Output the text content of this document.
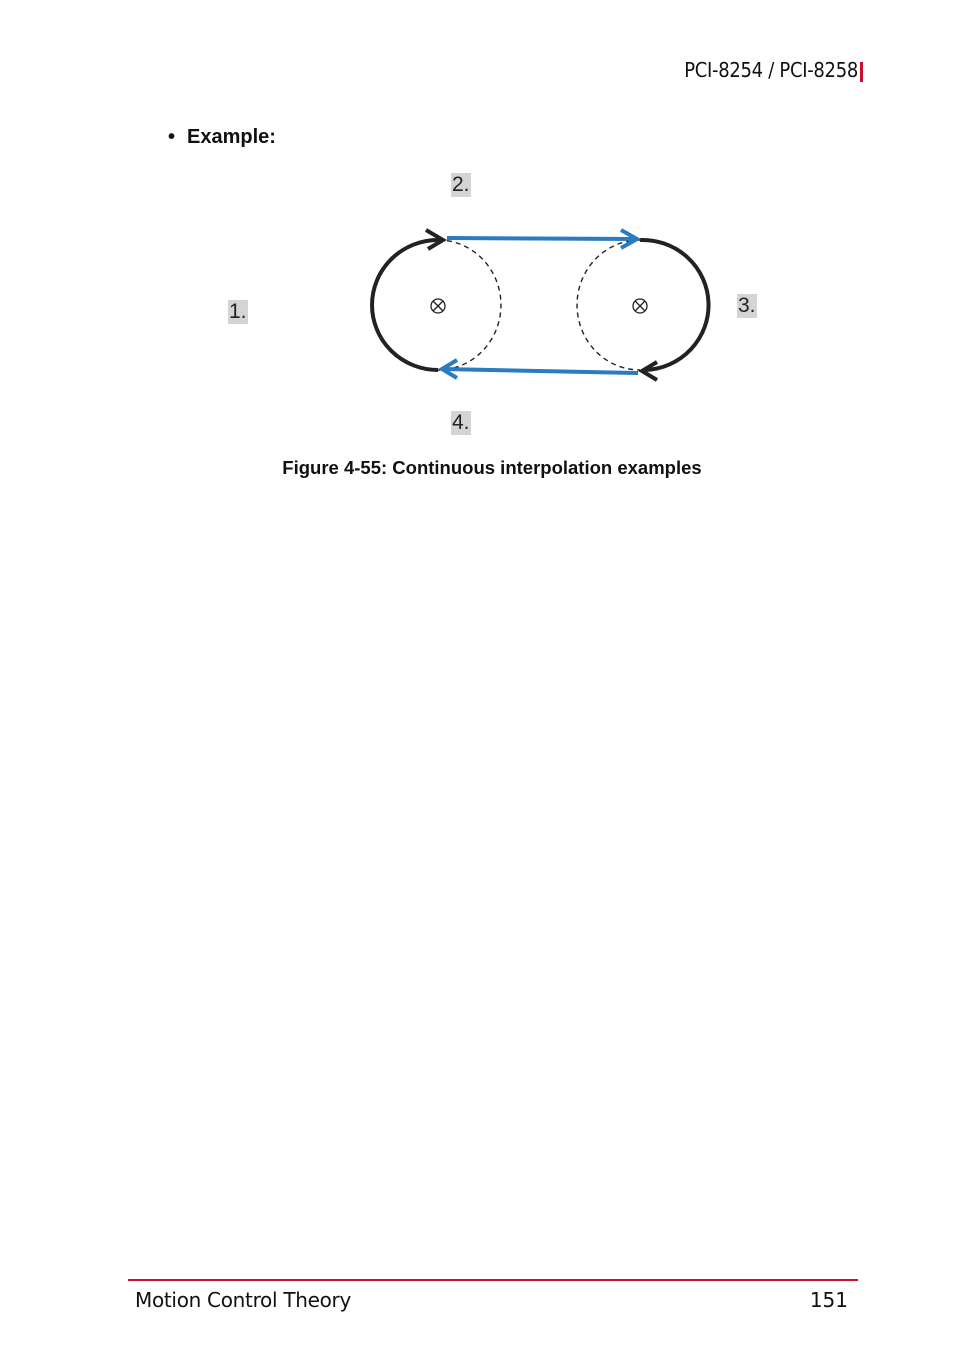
PCI-8254 / PCI-8258
• Example:
1.
2.
3.
4.
Figure 4-55: Continuous interpolation examples
Motion Control Theory	151
